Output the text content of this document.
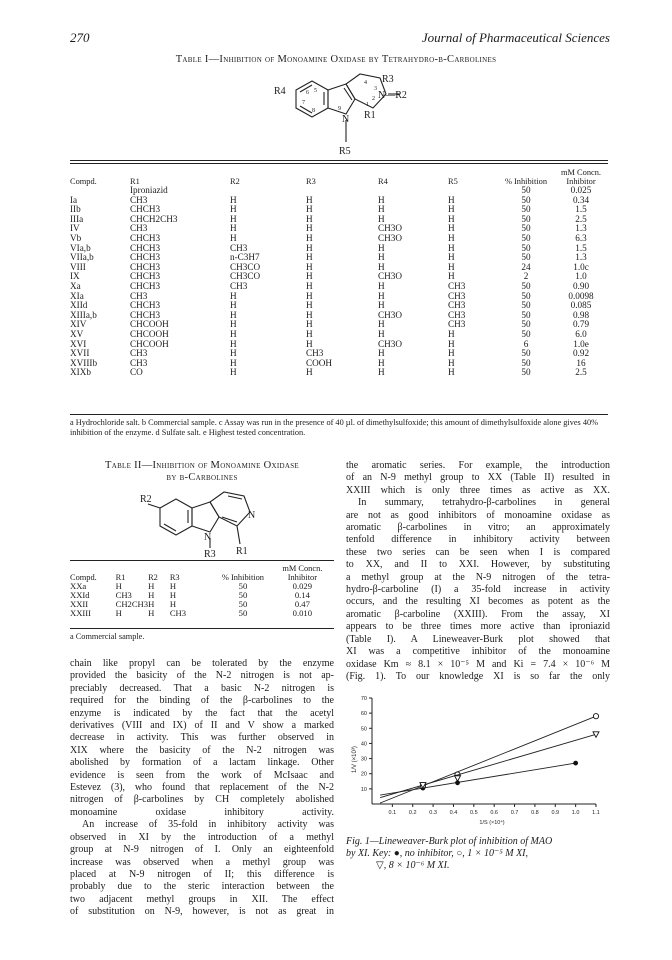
270	Journal of Pharmaceutical Sciences
Table I—Inhibition of Monoamine Oxidase by Tetrahydro-β-Carbolines
R4
R3
N—R2
R1
R5
N
1
2
3
4
5
6
7
8	9
Compd.	R1	R2	R3	R4	R5	% Inhibition	mM Concn. Inhibitor
	Iproniazid					50	0.025
Ia	CH3	H	H	H	H	50	0.34
IIb	CHCH3	H	H	H	H	50	1.5
IIIa	CHCH2CH3	H	H	H	H	50	2.5
IV	CH3	H	H	CH3O	H	50	1.3
Vb	CHCH3	H	H	CH3O	H	50	6.3
VIa,b	CHCH3	CH3	H	H	H	50	1.5
VIIa,b	CHCH3	n-C3H7	H	H	H	50	1.3
VIII	CHCH3	CH3CO	H	H	H	24	1.0c
IX	CHCH3	CH3CO	H	CH3O	H	2	1.0
Xa	CHCH3	CH3	H	H	CH3	50	0.90
XIa	CH3	H	H	H	CH3	50	0.0098
XIId	CHCH3	H	H	H	CH3	50	0.085
XIIIa,b	CHCH3	H	H	CH3O	CH3	50	0.98
XIV	CHCOOH	H	H	H	CH3	50	0.79
XV	CHCOOH	H	H	H	H	50	6.0
XVI	CHCOOH	H	H	CH3O	H	6	1.0e
XVII	CH3	H	CH3	H	H	50	0.92
XVIIIb	CH3	H	COOH	H	H	50	16
XIXb	CO	H	H	H	H	50	2.5
a Hydrochloride salt. b Commercial sample. c Assay was run in the presence of 40 µl. of dimethylsulfoxide; this amount of dimethylsulfoxide alone gives 40% inhibition of the enzyme. d Sulfate salt. e Highest tested concentration.
Table II—Inhibition of Monoamine Oxidase
by β-Carbolines
R2
N
N
R3 R1
Compd.	R1	R2	R3	% Inhibition	mM Concn. Inhibitor
XXa	H	H	H	50	0.029
XXId	CH3	H	H	50	0.14
XXII	CH2CH3	H	H	50	0.47
XXIII	H	H	CH3	50	0.010
a Commercial sample.
chain like propyl can be tolerated by the enzyme
provided the basicity of the N-2 nitrogen is not ap-
preciably decreased. That a basic N-2 nitrogen is
required for the binding of the β-carbolines to the
enzyme is indicated by the fact that the acetyl
derivatives (VIII and IX) of II and V show a marked
decrease in activity. This was further observed in
XIX where the basicity of the N-2 nitrogen was
abolished by formation of a lactam linkage. Other
evidence is seen from the work of McIsaac and
Estevez (3), who found that replacement of the N-2
nitrogen of β-carbolines by CH completely abolished
monoamine oxidase inhibitory activity.
An increase of 35-fold in inhibitory activity was
observed in XI by the introduction of a methyl
group at N-9 nitrogen of I. Only an eighteenfold
increase was observed when a methyl group was
placed at N-9 nitrogen of II; this difference is
probably due to the steric interaction between the
two adjacent methyl groups in XII. The effect
of substitution on N-9, however, is not as great in
the aromatic series. For example, the introduction
of an N-9 methyl group to XX (Table II) resulted in
XXIII which is only three times as active as XX.
In summary, tetrahydro-β-carbolines in general
are not as good inhibitors of monoamine oxidase as
aromatic β-carbolines in vitro; an approximately
tenfold difference in inhibitory activity between
these two series can be seen when I is compared
to XX, and II to XXI. However, by substituting
a methyl group at the N-9 nitrogen of the tetra-
hydro-β-carboline (I) a 35-fold increase in activity
occurs, and the resulting XI becomes as potent as the
aromatic β-carboline (XXIII). From the assay, XI
appears to be three times more active than iproniazid
(Table I). A Lineweaver-Burk plot showed that
XI was a competitive inhibitor of the monoamine
oxidase Km ≈ 8.1 × 10⁻⁵ M and Ki = 7.4 × 10⁻⁶ M
(Fig. 1). To our knowledge XI is so far the only
10
20
30
40
50
60
70
0.1 0.2 0.3 0.4 0.5 0.6 0.7 0.8 0.9 1.0 1.1
1/V (×10³)
1/S (×10⁴)
Fig. 1—Lineweaver-Burk plot of inhibition of MAO
by XI. Key: ●, no inhibitor, ○, 1 × 10⁻⁵ M XI,
▽, 8 × 10⁻⁶ M XI.
